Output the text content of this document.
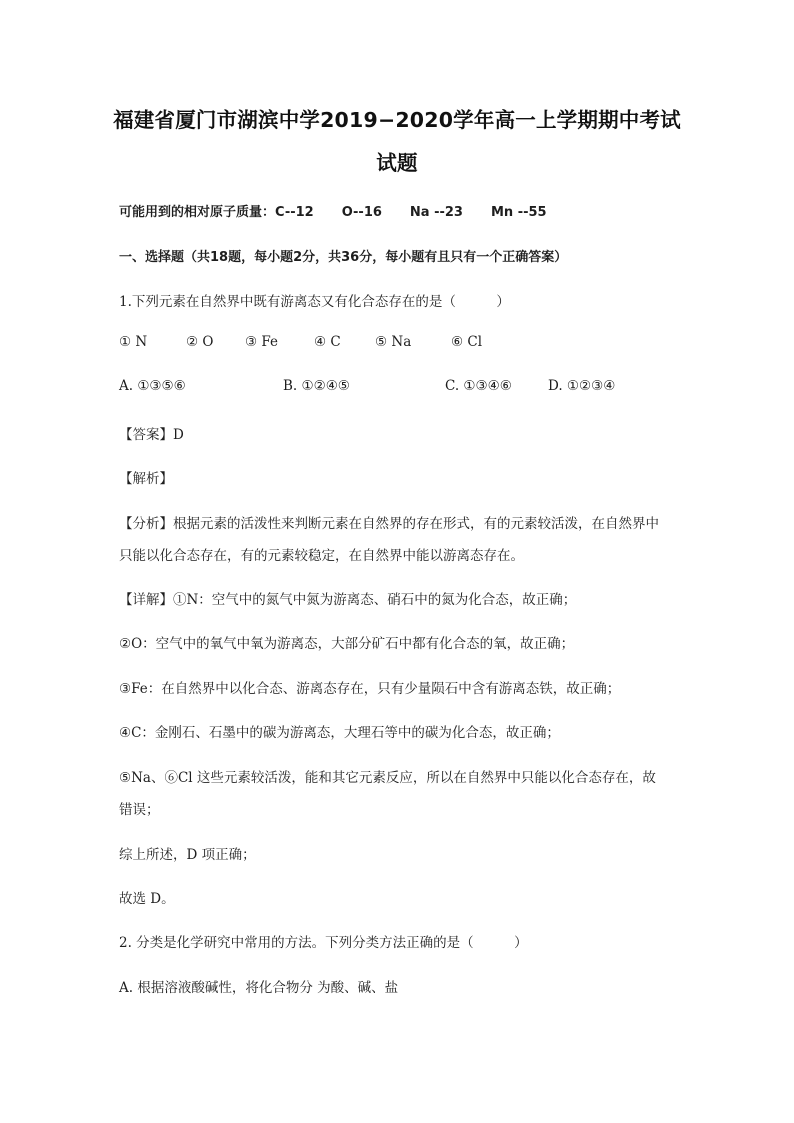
福建省厦门市湖滨中学2019−2020学年高一上学期期中考试
试题
可能用到的相对原子质量：C--12 O--16 Na --23 Mn --55
一、选择题（共18题，每小题2分，共36分，每小题有且只有一个正确答案）
1.下列元素在自然界中既有游离态又有化合态存在的是（　　　）
① N	② O ③ Fe	④ C	⑤ Na	⑥ Cl
A. ①③⑤⑥	B. ①②④⑤	C. ①③④⑥	D. ①②③④
【答案】D
【解析】
【分析】根据元素的活泼性来判断元素在自然界的存在形式，有的元素较活泼，在自然界中
只能以化合态存在，有的元素较稳定，在自然界中能以游离态存在。
【详解】①N：空气中的氮气中氮为游离态、硝石中的氮为化合态，故正确；
②O：空气中的氧气中氧为游离态，大部分矿石中都有化合态的氧，故正确；
③Fe：在自然界中以化合态、游离态存在，只有少量陨石中含有游离态铁，故正确；
④C：金刚石、石墨中的碳为游离态，大理石等中的碳为化合态，故正确；
⑤Na、⑥Cl 这些元素较活泼，能和其它元素反应，所以在自然界中只能以化合态存在，故
错误；
综上所述，D 项正确；
故选 D。
2. 分类是化学研究中常用的方法。下列分类方法正确的是（　　　）
A. 根据溶液酸碱性，将化合物分 为酸、碱、盐
